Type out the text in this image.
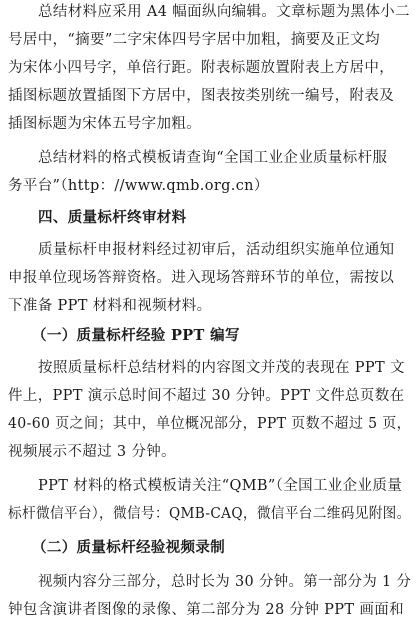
总结材料应采用 A4 幅面纵向编辑。文章标题为黑体小二
号居中，“摘要”二字宋体四号字居中加粗，摘要及正文均
为宋体小四号字，单倍行距。附表标题放置附表上方居中，
插图标题放置插图下方居中，图表按类别统一编号，附表及
插图标题为宋体五号字加粗。
总结材料的格式模板请查询“全国工业企业质量标杆服
务平台”（http：//www.qmb.org.cn）
四、质量标杆终审材料
质量标杆申报材料经过初审后，活动组织实施单位通知
申报单位现场答辩资格。进入现场答辩环节的单位，需按以
下准备 PPT 材料和视频材料。
（一）质量标杆经验 PPT 编写
按照质量标杆总结材料的内容图文并茂的表现在 PPT 文
件上，PPT 演示总时间不超过 30 分钟。PPT 文件总页数在
40-60 页之间；其中，单位概况部分，PPT 页数不超过 5 页，
视频展示不超过 3 分钟。
PPT 材料的格式模板请关注“QMB”（全国工业企业质量
标杆微信平台），微信号：QMB-CAQ，微信平台二维码见附图。
（二）质量标杆经验视频录制
视频内容分三部分，总时长为 30 分钟。第一部分为 1 分
钟包含演讲者图像的录像、第二部分为 28 分钟 PPT 画面和
